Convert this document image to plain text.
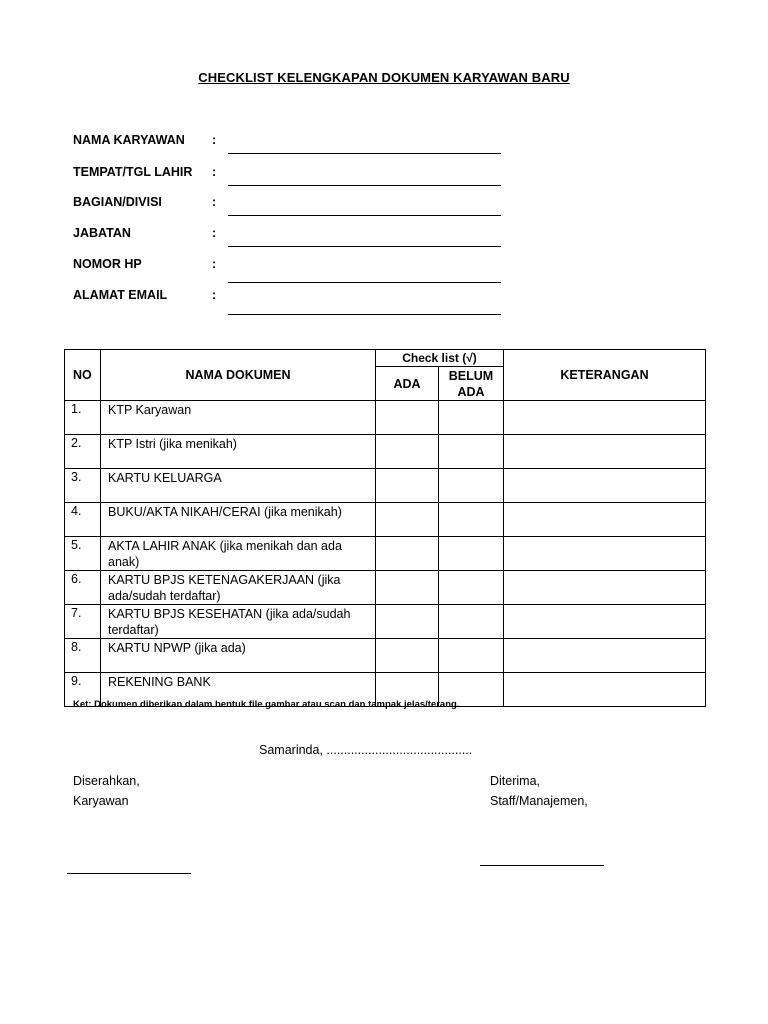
CHECKLIST KELENGKAPAN DOKUMEN KARYAWAN BARU
NAMA KARYAWAN :
TEMPAT/TGL LAHIR :
BAGIAN/DIVISI	:
JABATAN	:
NOMOR HP	:
ALAMAT EMAIL	:
NO	NAMA DOKUMEN	Check list (√)		KETERANGAN
		ADA	BELUM ADA	
1.	KTP Karyawan			
2.	KTP Istri (jika menikah)			
3.	KARTU KELUARGA			
4.	BUKU/AKTA NIKAH/CERAI (jika menikah)			
5.	AKTA LAHIR ANAK (jika menikah dan ada anak)			
6.	KARTU BPJS KETENAGAKERJAAN (jika ada/sudah terdaftar)			
7.	KARTU BPJS KESEHATAN (jika ada/sudah terdaftar)			
8.	KARTU NPWP (jika ada)			
9.	REKENING BANK			
Ket: Dokumen diberikan dalam bentuk file gambar atau scan dan tampak jelas/terang.
Samarinda, ..........................................
Diserahkan,
Karyawan
Diterima,
Staff/Manajemen,
